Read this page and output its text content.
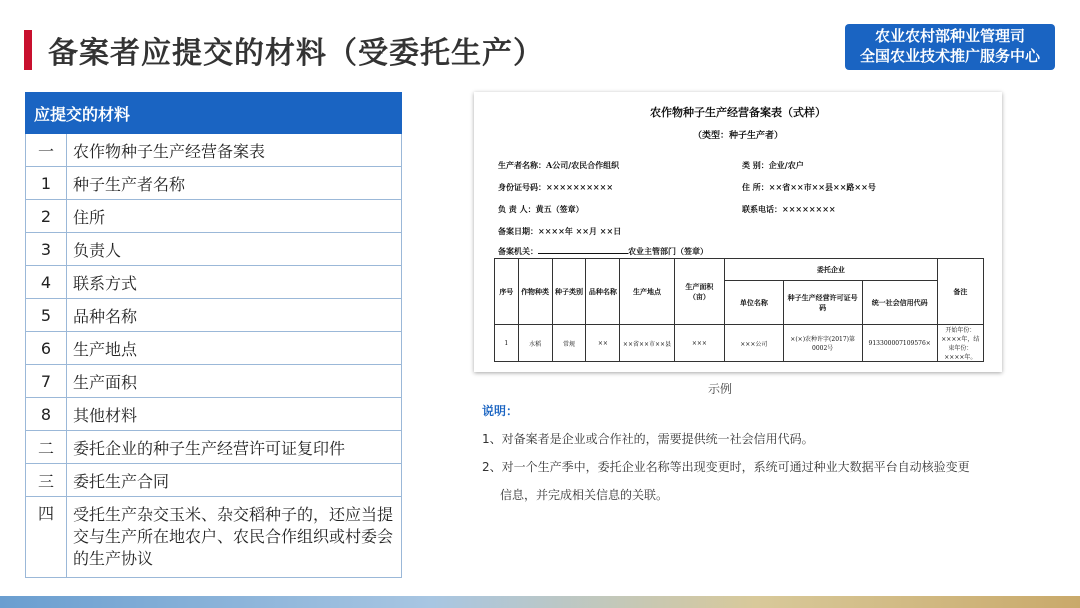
备案者应提交的材料（受委托生产）	农业农村部种业管理司
全国农业技术推广服务中心
应提交的材料	
一	农作物种子生产经营备案表
1	种子生产者名称
2	住所
3	负责人
4	联系方式
5	品种名称
6	生产地点
7	生产面积
8	其他材料
二	委托企业的种子生产经营许可证复印件
三	委托生产合同
四	受托生产杂交玉米、杂交稻种子的，还应当提交与生产所在地农户、农民合作组织或村委会的生产协议
农作物种子生产经营备案表（式样）
（类型：种子生产者）
生产者名称：A公司/农民合作组织	类 别：企业/农户
身份证号码：××××××××××	住 所：××省××市××县××路××号
负 责 人：黄五（签章）	联系电话：××××××××
备案日期：××××年 ××月 ××日
备案机关：	农业主管部门（签章）
序号	作物种类	种子类别	品种名称	生产地点	生产面积（亩）	委托企业			备注
						单位名称	种子生产经营许可证号码	统一社会信用代码	
1	水稻	常规	××	××省××市××县	×××	×××公司	×(×)农种许字(2017)第0002号	913300007109576×	开始年份：××××年，结束年份：××××年。
示例
说明：
1、对备案者是企业或合作社的，需要提供统一社会信用代码。
2、对一个生产季中，委托企业名称等出现变更时，系统可通过种业大数据平台自动核验变更
信息，并完成相关信息的关联。
